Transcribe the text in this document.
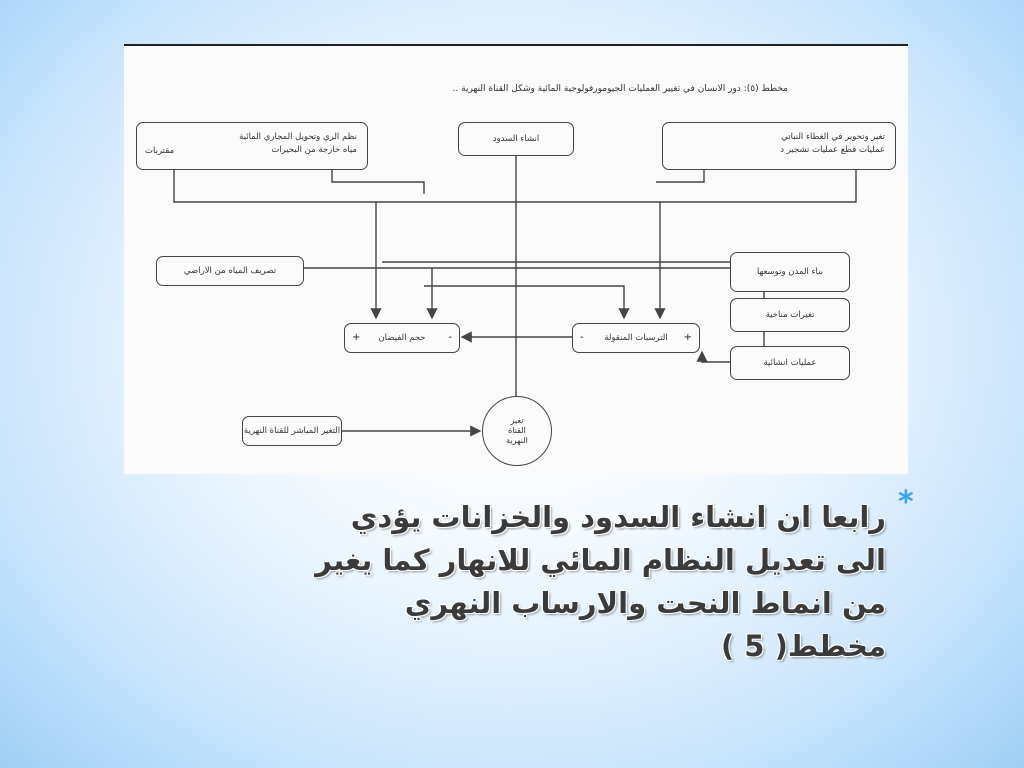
مخطط (٥): دور الانسان في تغيير العمليات الجيومورفولوجية المائية وشكل القناة النهرية ..
نظم الري وتحويل المجاري المائية
مياه خارجة من البحيرات
مقتربات
انشاء السدود	تغير وتحوير في الغطاء النباتي
عمليات قطع عمليات تشجير د
تصريف المياه من الاراضي	بناء المدن وتوسعها
تغيرات مناخية
عمليات انشائية
-
حجم الفيضان
+	+
الترسبات المنقولة
-
التغير المباشر للقناة النهرية
تغير
القناة
النهرية
*
رابعا ان انشاء السدود والخزانات يؤدي
الى تعديل النظام المائي للانهار كما يغير
من انماط النحت والارساب النهري
مخطط( 5 )
